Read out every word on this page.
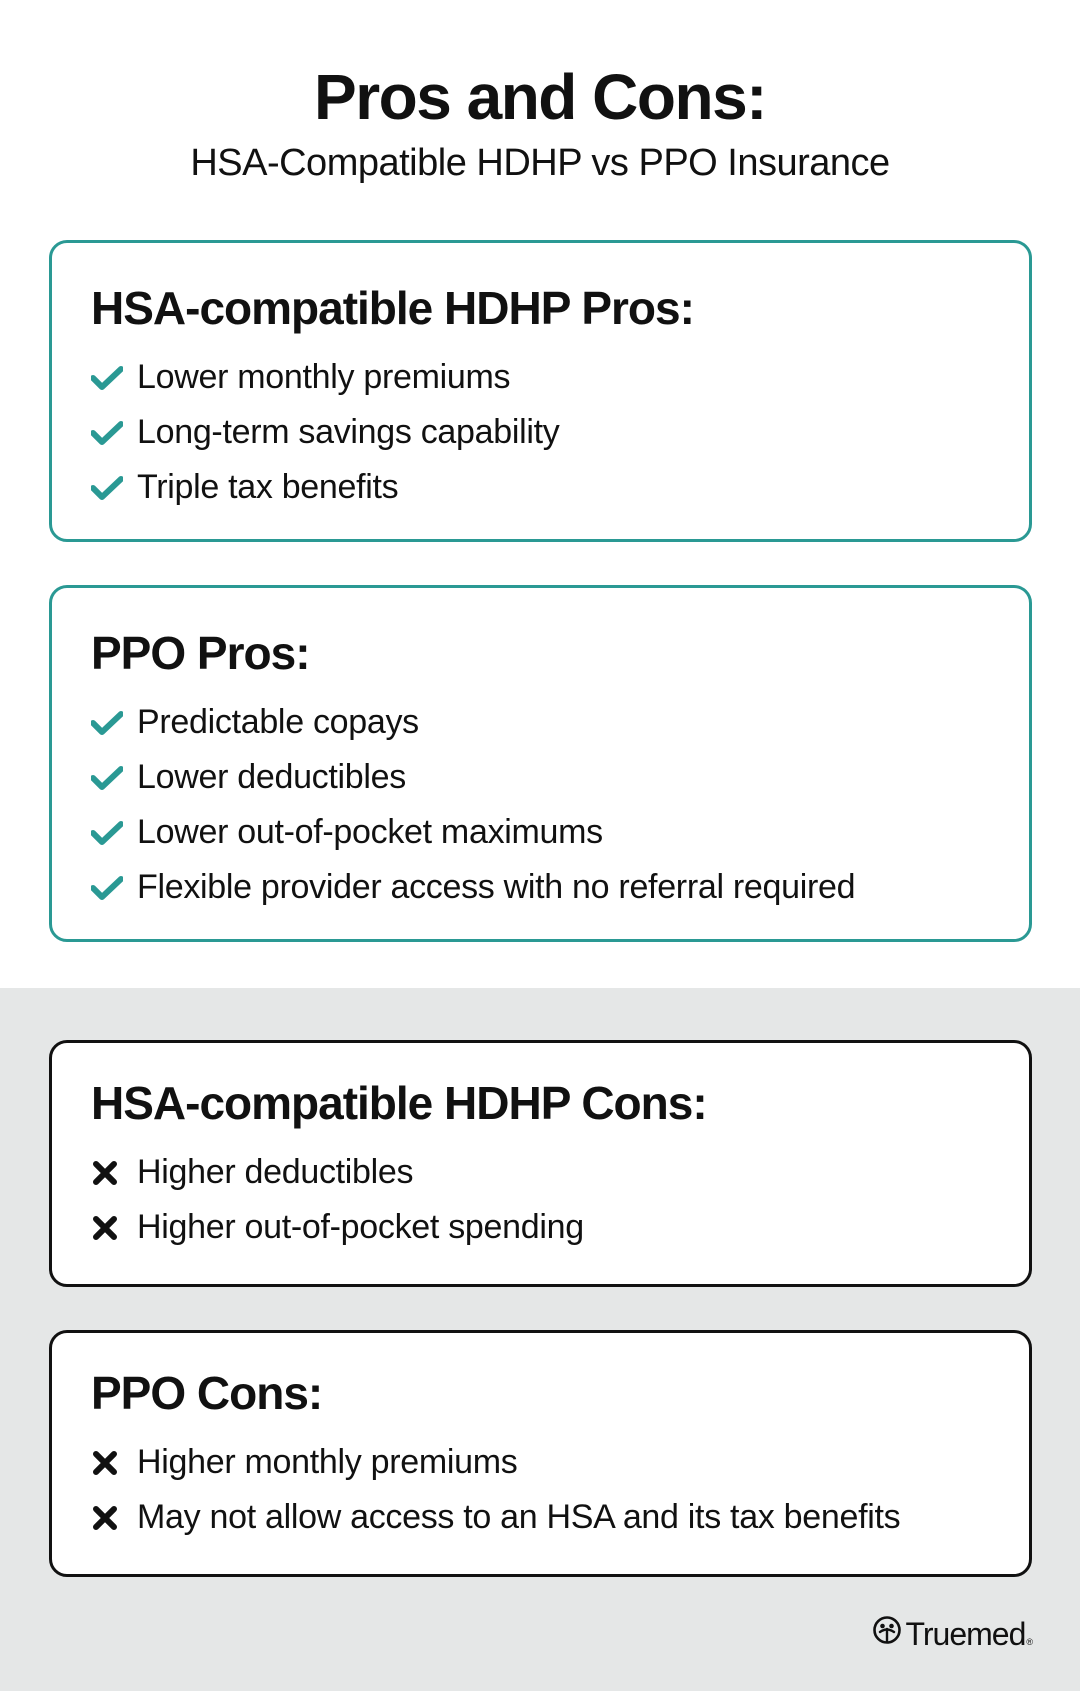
Pros and Cons:
HSA-Compatible HDHP vs PPO Insurance
HSA-compatible HDHP Pros:
Lower monthly premiums
Long-term savings capability
Triple tax benefits
PPO Pros:
Predictable copays
Lower deductibles
Lower out-of-pocket maximums
Flexible provider access with no referral required
HSA-compatible HDHP Cons:
Higher deductibles
Higher out-of-pocket spending
PPO Cons:
Higher monthly premiums
May not allow access to an HSA and its tax benefits
Truemed ®
